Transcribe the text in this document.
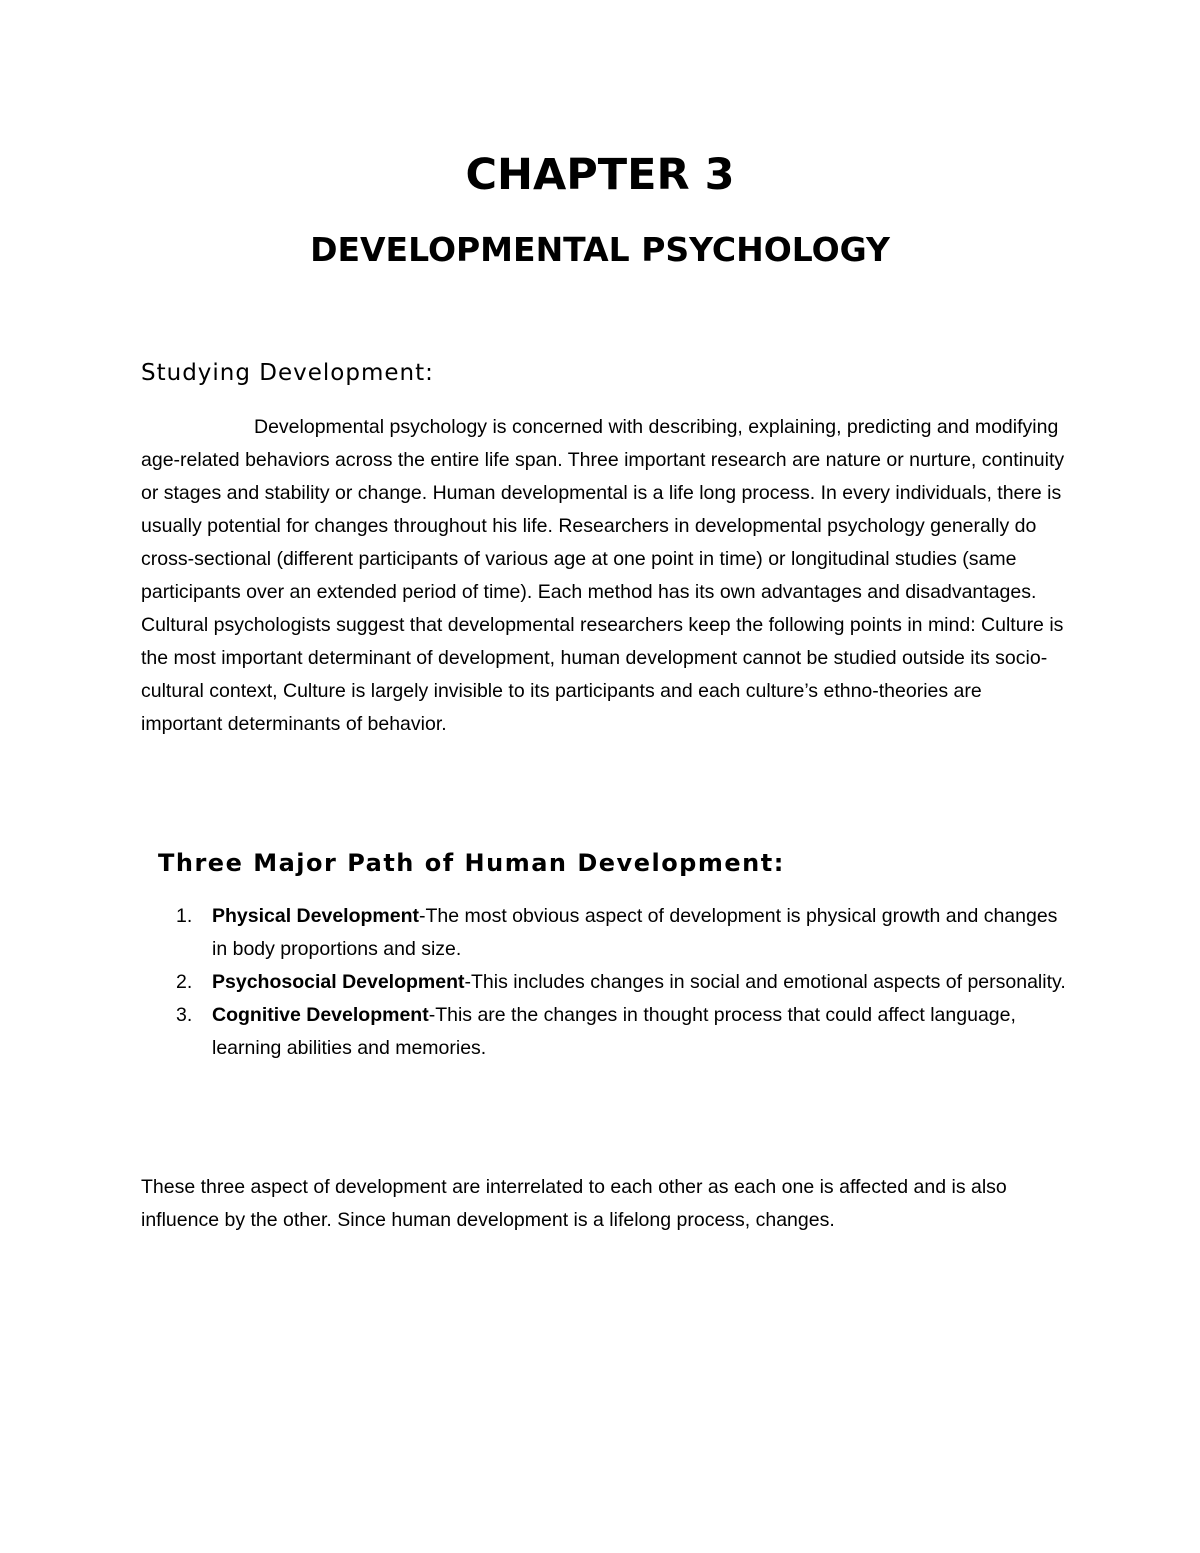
CHAPTER 3
DEVELOPMENTAL PSYCHOLOGY
Studying Development:

Developmental psychology is concerned with describing, explaining, predicting and modifying age-related behaviors across the entire life span. Three important research are nature or nurture, continuity or stages and stability or change. Human developmental is a life long process. In every individuals, there is usually potential for changes throughout his life. Researchers in developmental psychology generally do cross-sectional (different participants of various age at one point in time) or longitudinal studies (same participants over an extended period of time). Each method has its own advantages and disadvantages. Cultural psychologists suggest that developmental researchers keep the following points in mind: Culture is the most important determinant of development, human development cannot be studied outside its socio-cultural context, Culture is largely invisible to its participants and each culture’s ethno-theories are important determinants of behavior.

Three Major Path of Human Development:
1. Physical Development-The most obvious aspect of development is physical growth and changes in body proportions and size.
2. Psychosocial Development-This includes changes in social and emotional aspects of personality.
3. Cognitive Development-This are the changes in thought process that could affect language, learning abilities and memories.

These three aspect of development are interrelated to each other as each one is affected and is also influence by the other. Since human development is a lifelong process, changes.
